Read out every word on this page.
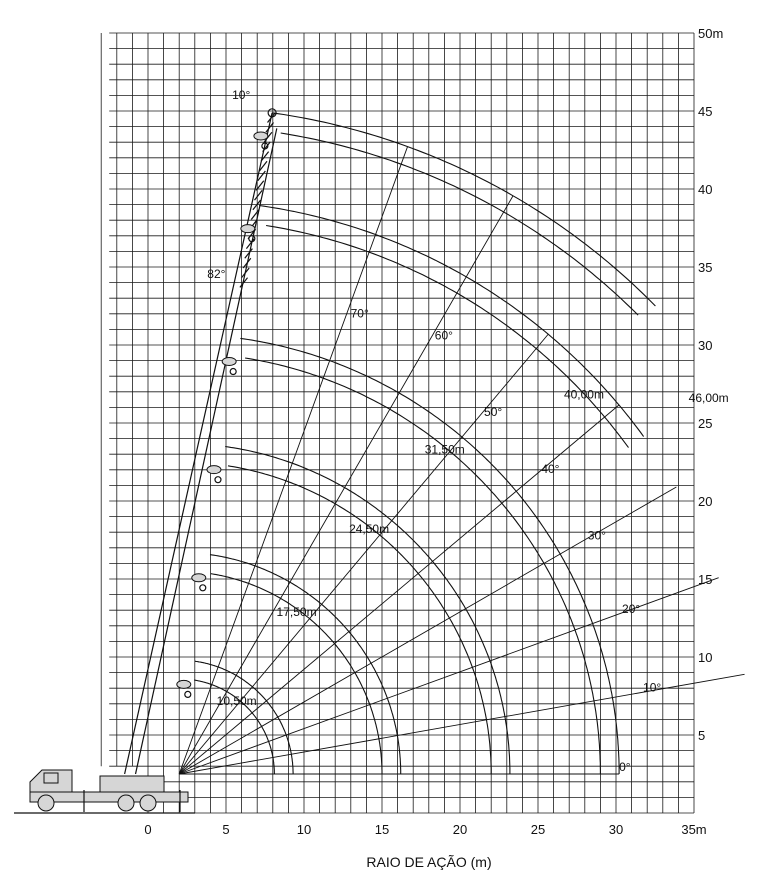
0°
10°
20°
30°
40°
50°
60°
70°
82°
10,50m
17,50m
24,50m
31,50m
40,00m	46,00m
10°
0	5	10	15	20	25	30	35m
5
10
15
20
25
30
35
40
45
50m
RAIO DE AÇÃO (m)
